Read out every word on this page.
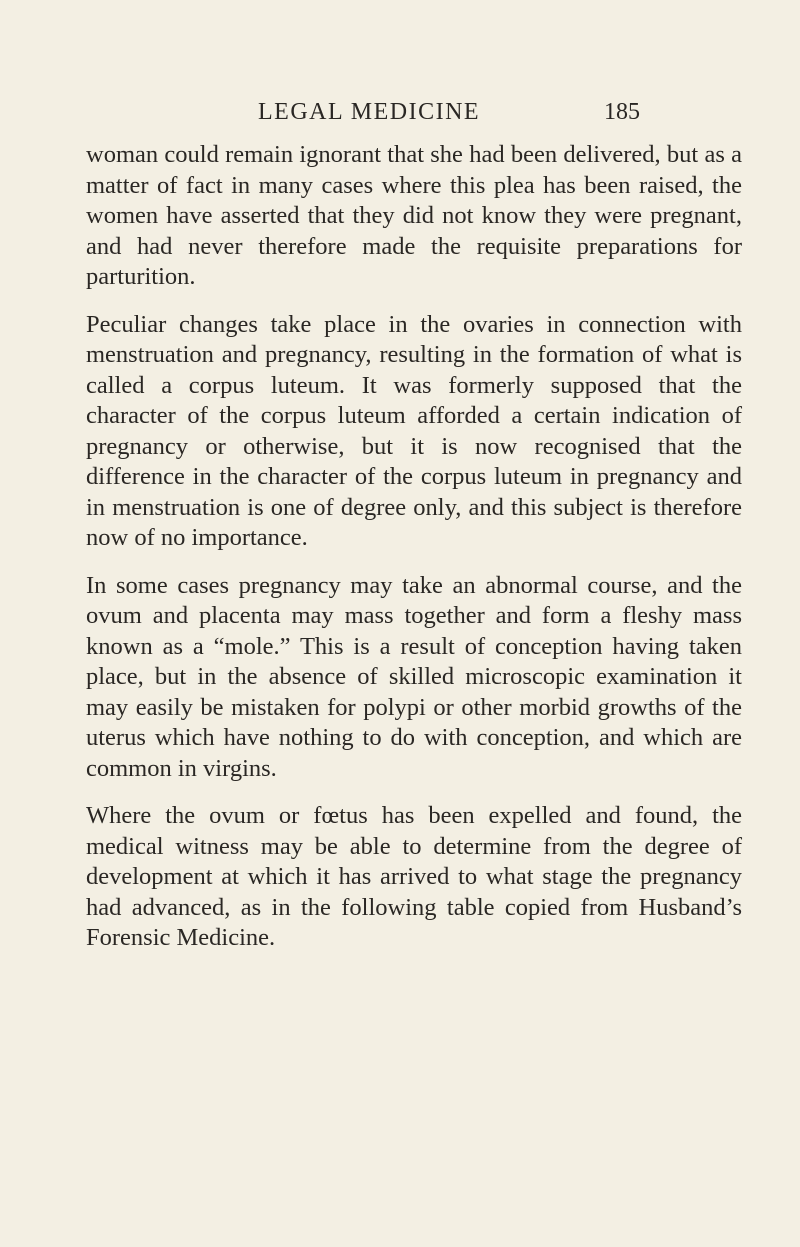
LEGAL MEDICINE	185

woman could remain ignorant that she had been delivered, but as a matter of fact in many cases where this plea has been raised, the women have asserted that they did not know they were pregnant, and had never therefore made the requisite preparations for parturition.

Peculiar changes take place in the ovaries in connection with menstruation and pregnancy, resulting in the formation of what is called a corpus luteum. It was formerly supposed that the character of the corpus luteum afforded a certain indication of pregnancy or otherwise, but it is now recognised that the difference in the character of the corpus luteum in pregnancy and in menstruation is one of degree only, and this subject is therefore now of no importance.

In some cases pregnancy may take an abnormal course, and the ovum and placenta may mass together and form a fleshy mass known as a “mole.” This is a result of conception having taken place, but in the absence of skilled microscopic examination it may easily be mistaken for polypi or other morbid growths of the uterus which have nothing to do with conception, and which are common in virgins.

Where the ovum or fœtus has been expelled and found, the medical witness may be able to determine from the degree of development at which it has arrived to what stage the pregnancy had advanced, as in the following table copied from Husband’s Forensic Medicine.
